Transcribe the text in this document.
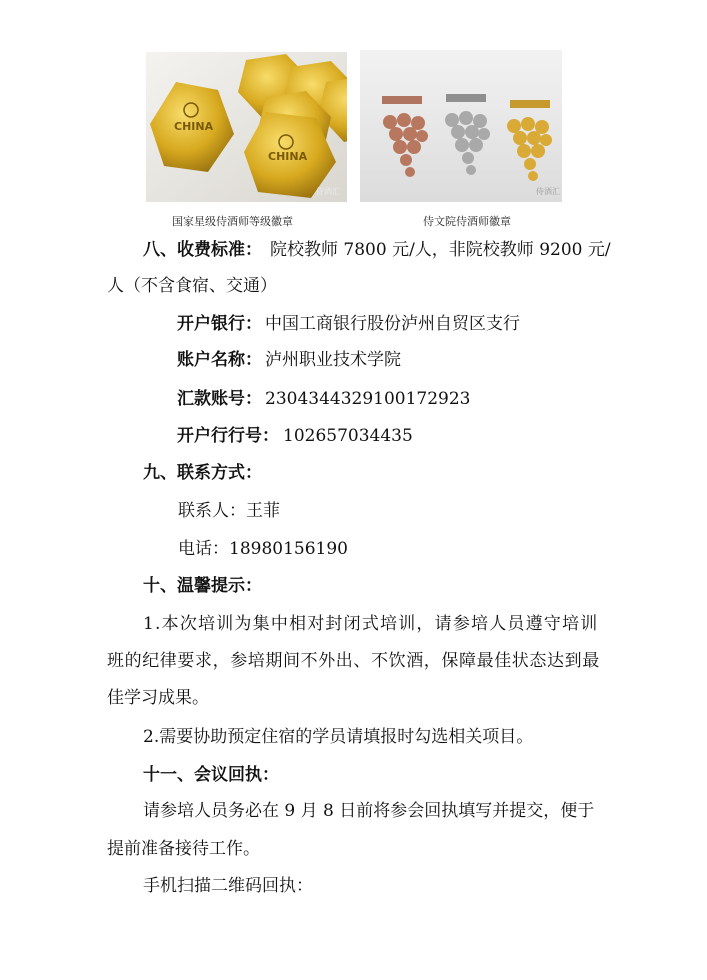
CHINA
CHINA
侍酒汇
国家星级侍酒师等级徽章
侍酒汇
侍文院侍酒师徽章
八、收费标准： 院校教师 7800 元/人，非院校教师 9200 元/
人（不含食宿、交通）
开户银行： 中国工商银行股份泸州自贸区支行
账户名称： 泸州职业技术学院
汇款账号： 2304344329100172923
开户行行号： 102657034435
九、联系方式：
联系人：王菲
电话：18980156190
十、温馨提示：
1.本次培训为集中相对封闭式培训，请参培人员遵守培训
班的纪律要求，参培期间不外出、不饮酒，保障最佳状态达到最
佳学习成果。
2.需要协助预定住宿的学员请填报时勾选相关项目。
十一、会议回执：
请参培人员务必在 9 月 8 日前将参会回执填写并提交，便于
提前准备接待工作。
手机扫描二维码回执：
